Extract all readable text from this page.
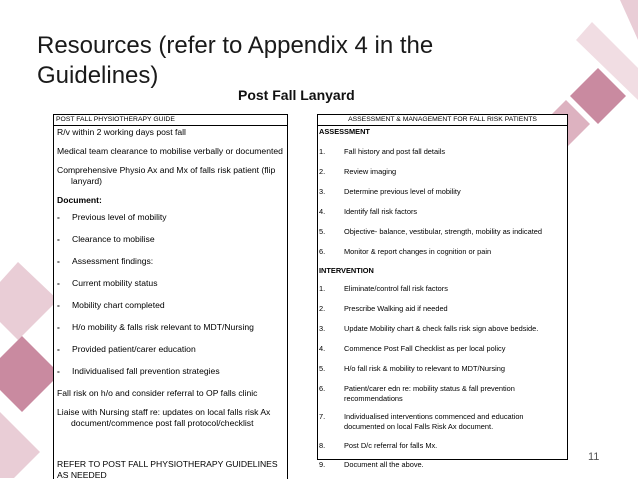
Resources (refer to Appendix 4 in the Guidelines)
Post Fall Lanyard
POST FALL PHYSIOTHERAPY GUIDE
R/v within 2 working days post fall
Medical team clearance to mobilise verbally or documented
Comprehensive Physio Ax and Mx of falls risk patient (flip lanyard)
Document:
-	Previous level of mobility
-	Clearance to mobilise
-	Assessment findings:
-	Current mobility status
-	Mobility chart completed
-	H/o mobility & falls risk relevant to MDT/Nursing
-	Provided patient/carer education
-	Individualised fall prevention strategies
Fall risk on h/o and consider referral to OP falls clinic
Liaise with Nursing staff re: updates on local falls risk Ax document/commence post fall protocol/checklist
REFER TO POST FALL PHYSIOTHERAPY GUIDELINES AS NEEDED
ASSESSMENT & MANAGEMENT FOR FALL RISK PATIENTS
ASSESSMENT
1.	Fall history and post fall details
2.	Review imaging
3.	Determine previous level of mobility
4.	Identify fall risk factors
5.	Objective- balance, vestibular, strength, mobility as indicated
6.	Monitor & report changes in cognition or pain
INTERVENTION
1.	Eliminate/control fall risk factors
2.	Prescribe Walking aid if needed
3.	Update Mobility chart & check falls risk sign above bedside.
4.	Commence Post Fall Checklist as per local policy
5.	H/o fall risk & mobility to relevant to MDT/Nursing
6.	Patient/carer edn re: mobility status & fall prevention recommendations
7.	Individualised interventions commenced and education documented on local Falls Risk Ax document.
8.	Post D/c referral for falls Mx.
9.	Document all the above.
11
